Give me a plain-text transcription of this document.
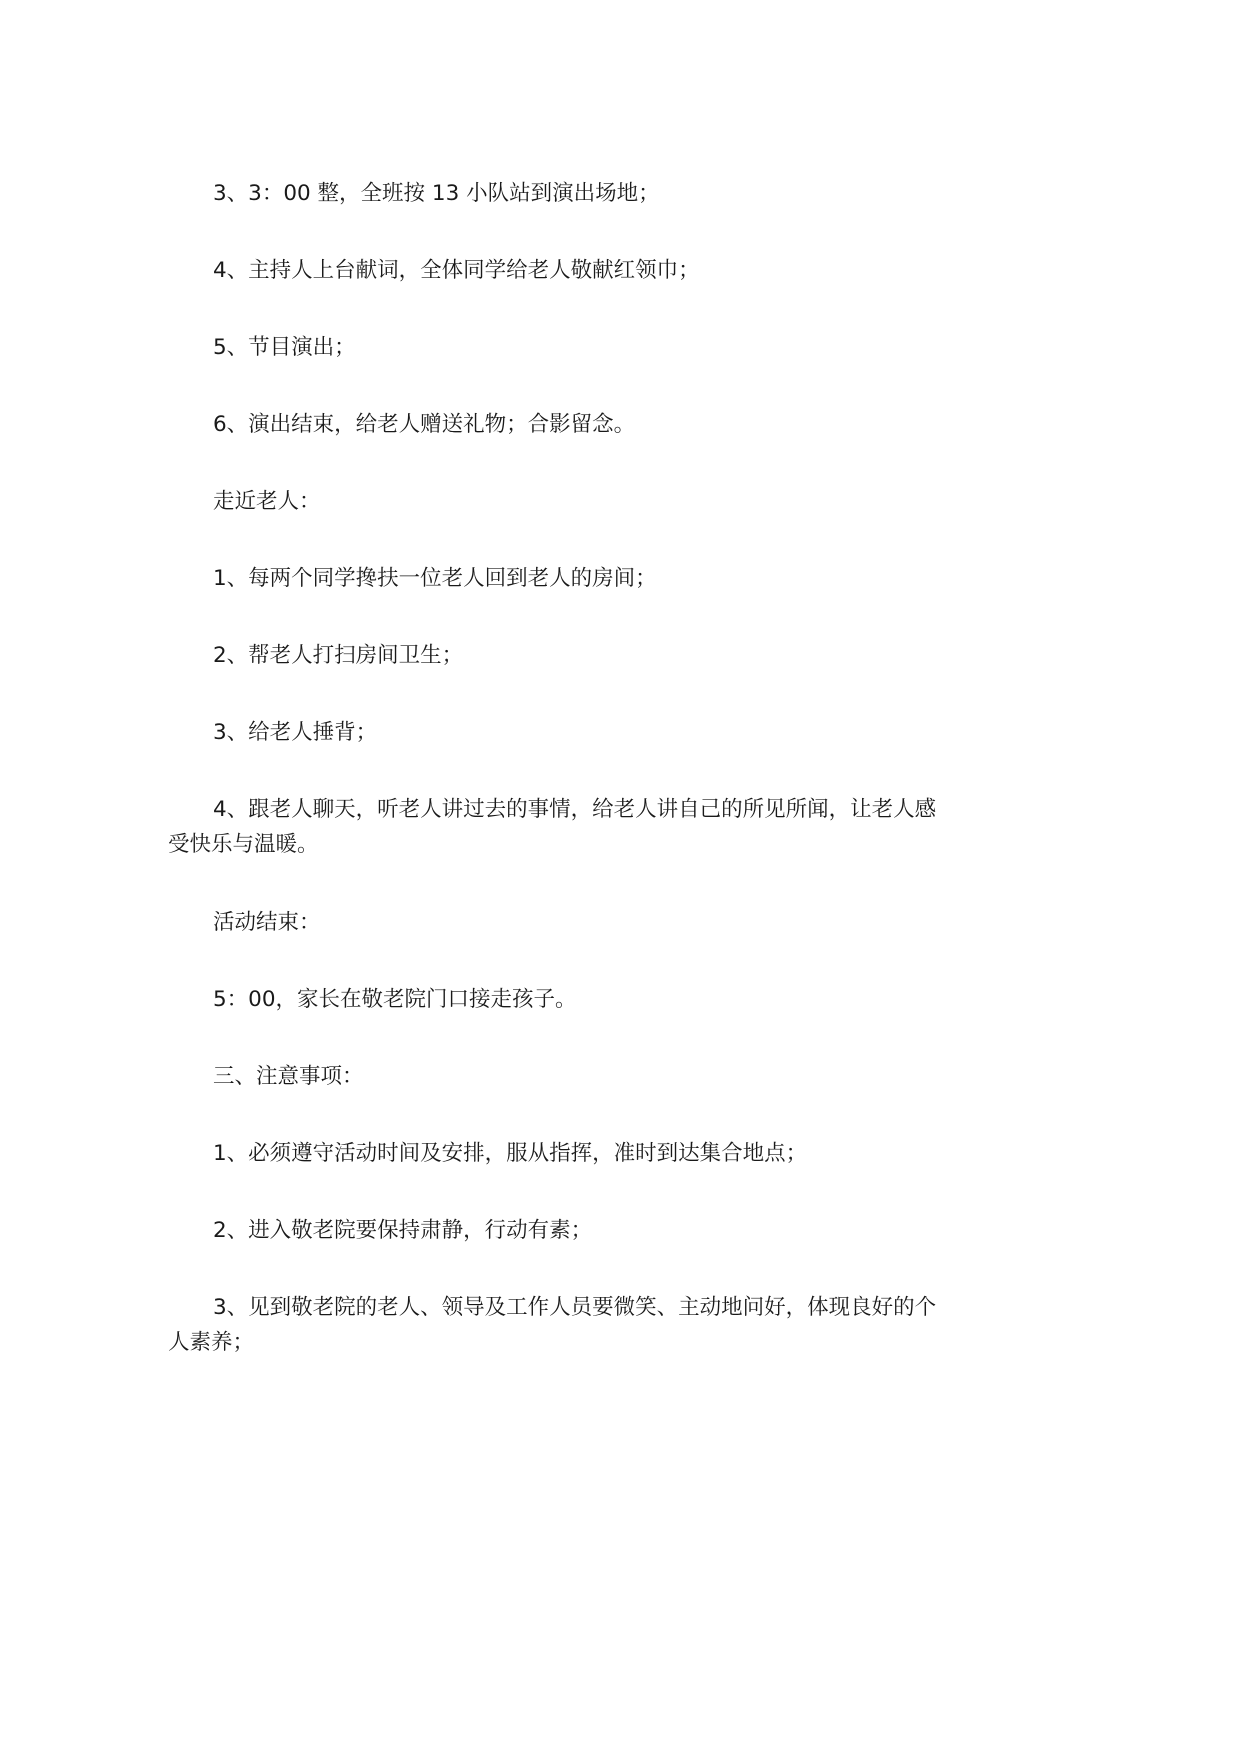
3、3：00 整，全班按 13 小队站到演出场地；

4、主持人上台献词，全体同学给老人敬献红领巾；

5、节目演出；

6、演出结束，给老人赠送礼物；合影留念。

走近老人：

1、每两个同学搀扶一位老人回到老人的房间；

2、帮老人打扫房间卫生；

3、给老人捶背；

4、跟老人聊天，听老人讲过去的事情，给老人讲自己的所见所闻，让老人感受快乐与温暖。

活动结束：

5：00，家长在敬老院门口接走孩子。

三、注意事项：

1、必须遵守活动时间及安排，服从指挥，准时到达集合地点；

2、进入敬老院要保持肃静，行动有素；

3、见到敬老院的老人、领导及工作人员要微笑、主动地问好，体现良好的个人素养；
